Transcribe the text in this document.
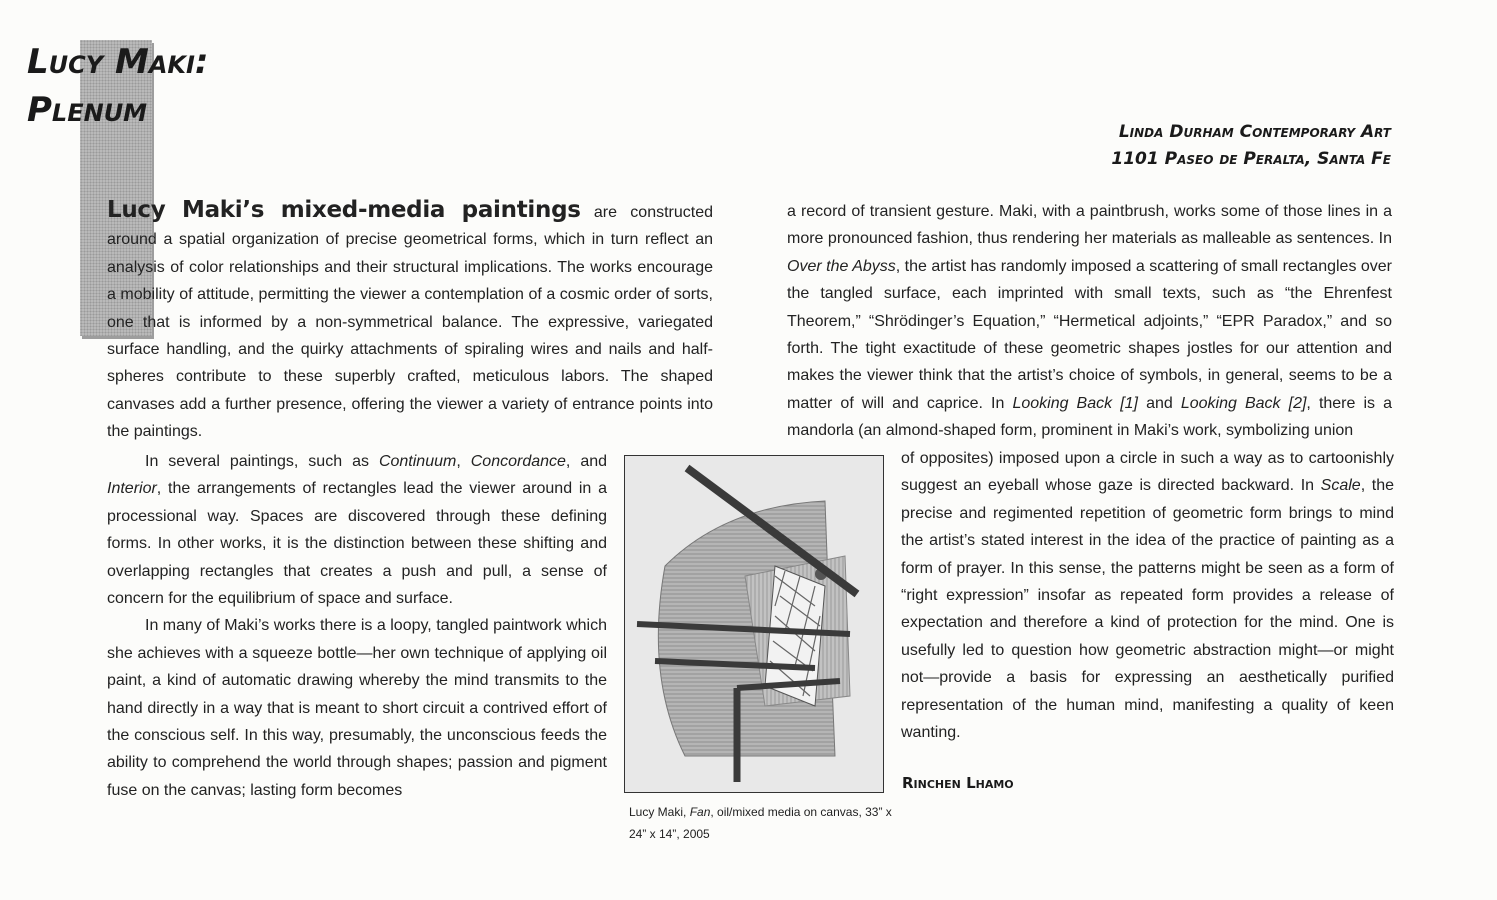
Lucy Maki:
Plenum
Linda Durham Contemporary Art
1101 Paseo de Peralta, Santa Fe

Lucy Maki’s mixed-media paintings are constructed around a spatial organization of precise geometrical forms, which in turn reflect an analysis of color relationships and their structural implications. The works encourage a mobility of attitude, permitting the viewer a contemplation of a cosmic order of sorts, one that is informed by a non-symmetrical balance. The expressive, variegated surface handling, and the quirky attachments of spiraling wires and nails and half-spheres contribute to these superbly crafted, meticulous labors. The shaped canvases add a further presence, offering the viewer a variety of entrance points into the paintings.

In several paintings, such as Continuum, Concordance, and Interior, the arrangements of rectangles lead the viewer around in a processional way. Spaces are discovered through these defining forms. In other works, it is the distinction between these shifting and overlapping rectangles that creates a push and pull, a sense of concern for the equilibrium of space and surface.

In many of Maki’s works there is a loopy, tangled paintwork which she achieves with a squeeze bottle—her own technique of applying oil paint, a kind of automatic drawing whereby the mind transmits to the hand directly in a way that is meant to short circuit a contrived effort of the conscious self. In this way, presumably, the unconscious feeds the ability to comprehend the world through shapes; passion and pigment fuse on the canvas; lasting form becomes

a record of transient gesture. Maki, with a paintbrush, works some of those lines in a more pronounced fashion, thus rendering her materials as malleable as sentences. In Over the Abyss, the artist has randomly imposed a scattering of small rectangles over the tangled surface, each imprinted with small texts, such as “the Ehrenfest Theorem,” “Shrödinger’s Equation,” “Hermetical adjoints,” “EPR Paradox,” and so forth. The tight exactitude of these geometric shapes jostles for our attention and makes the viewer think that the artist’s choice of symbols, in general, seems to be a matter of will and caprice. In Looking Back [1] and Looking Back [2], there is a mandorla (an almond-shaped form, prominent in Maki’s work, symbolizing union

of opposites) imposed upon a circle in such a way as to cartoonishly suggest an eyeball whose gaze is directed backward. In Scale, the precise and regimented repetition of geometric form brings to mind the artist’s stated interest in the idea of the practice of painting as a form of prayer. In this sense, the patterns might be seen as a form of “right expression” insofar as repeated form provides a release of expectation and therefore a kind of protection for the mind. One is usefully led to question how geometric abstraction might—or might not—provide a basis for expressing an aesthetically purified representation of the human mind, manifesting a quality of keen wanting.

Lucy Maki, Fan, oil/mixed media on canvas, 33” x 24” x 14”, 2005
Rinchen Lhamo
